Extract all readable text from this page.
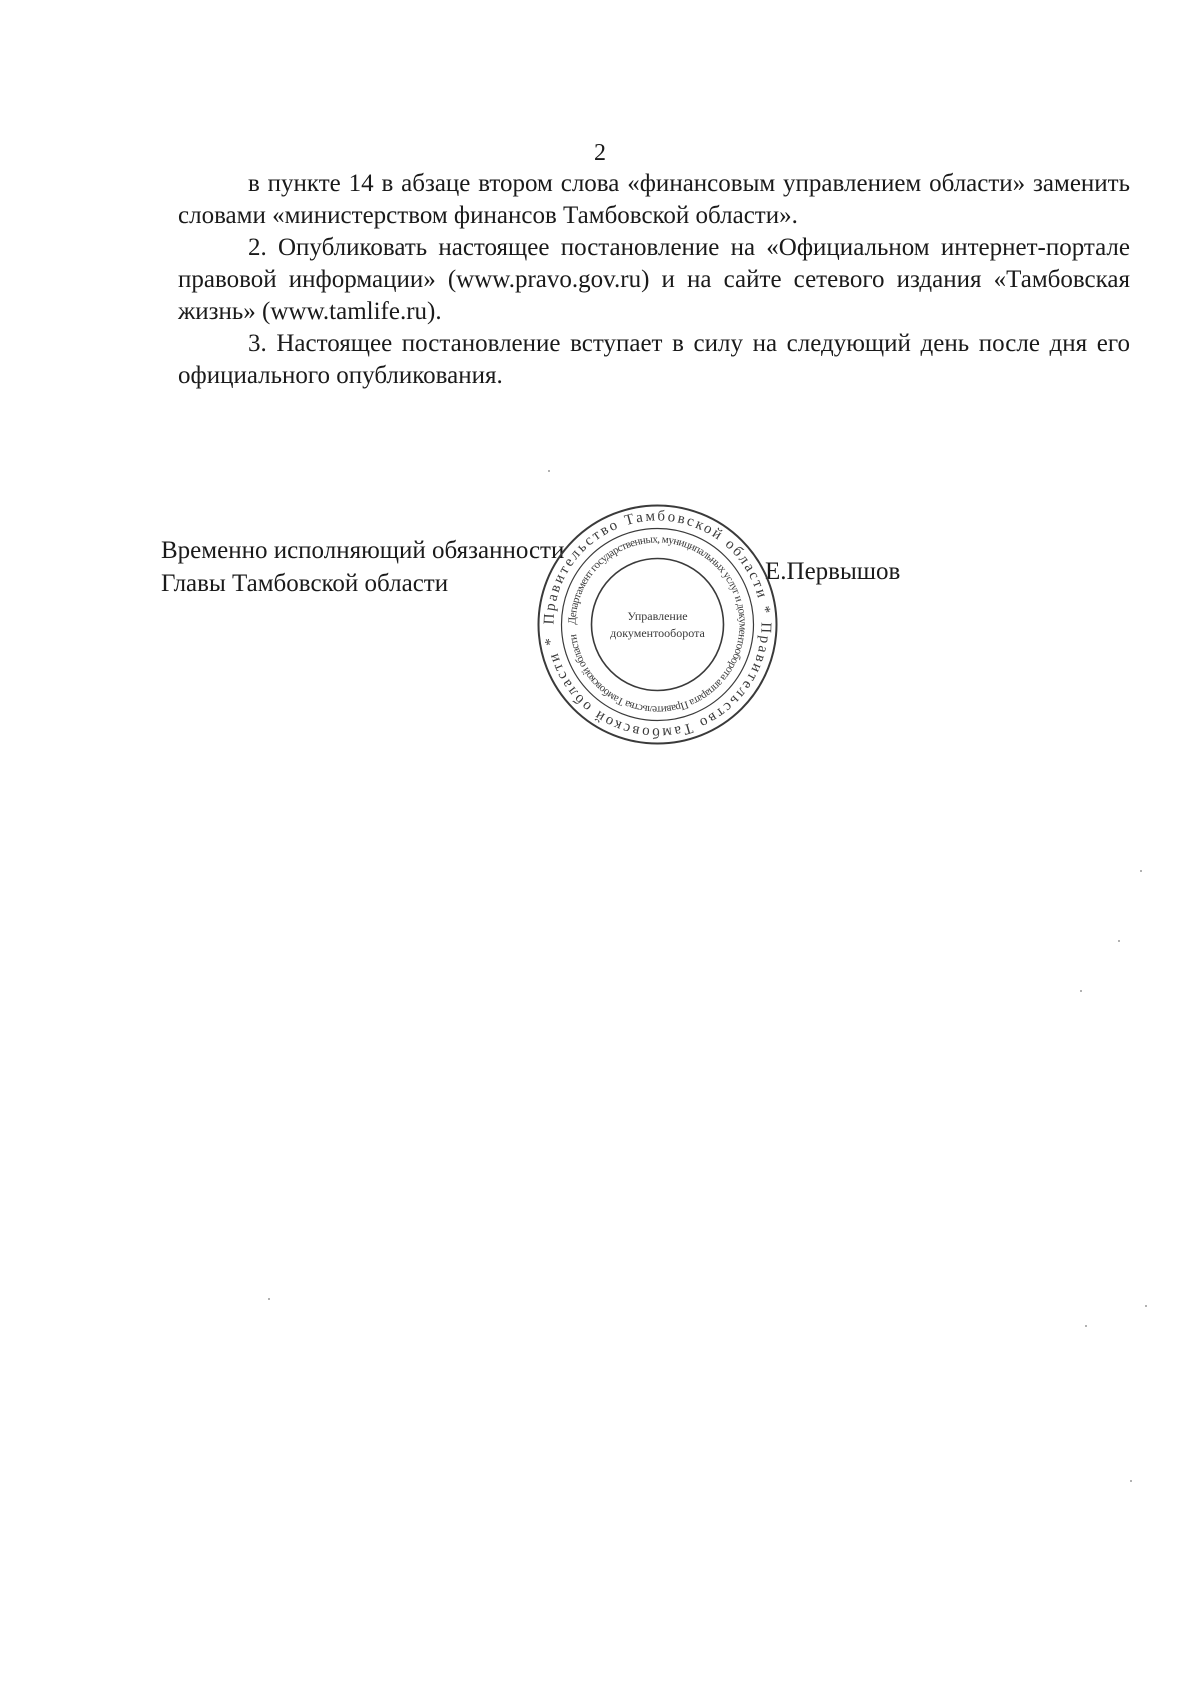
2

в пункте 14 в абзаце втором слова «финансовым управлением области» заменить словами «министерством финансов Тамбовской области».

2. Опубликовать настоящее постановление на «Официальном интернет-портале правовой информации» (www.pravo.gov.ru) и на сайте сетевого издания «Тамбовская жизнь» (www.tamlife.ru).

3. Настоящее постановление вступает в силу на следующий день после дня его официального опубликования.

Временно исполняющий обязанности
Главы Тамбовской области	Е.Первышов
Правительство Тамбовской области * Правительство Тамбовской области *
Департамент государственных, муниципальных услуг и документооборота аппарата Правительства Тамбовской области
Управление
документооборота
